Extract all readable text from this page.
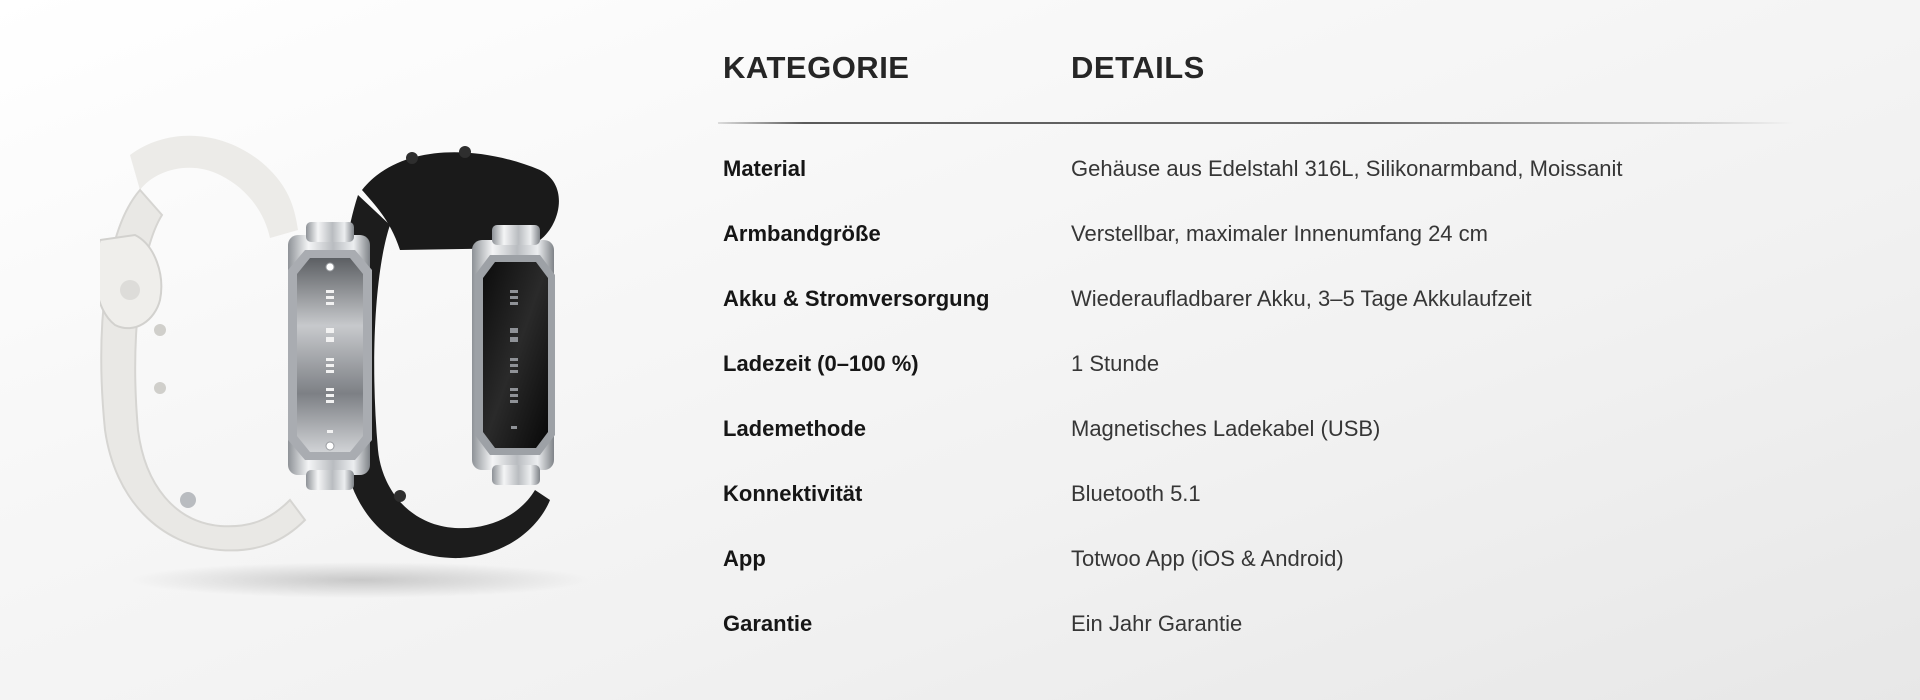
KATEGORIE	DETAILS
Material	Gehäuse aus Edelstahl 316L, Silikonarmband, Moissanit
Armbandgröße	Verstellbar, maximaler Innenumfang 24 cm
Akku & Stromversorgung	Wiederaufladbarer Akku, 3–5 Tage Akkulaufzeit
Ladezeit (0–100 %)	1 Stunde
Lademethode	Magnetisches Ladekabel (USB)
Konnektivität	Bluetooth 5.1
App	Totwoo App (iOS & Android)
Garantie	Ein Jahr Garantie
